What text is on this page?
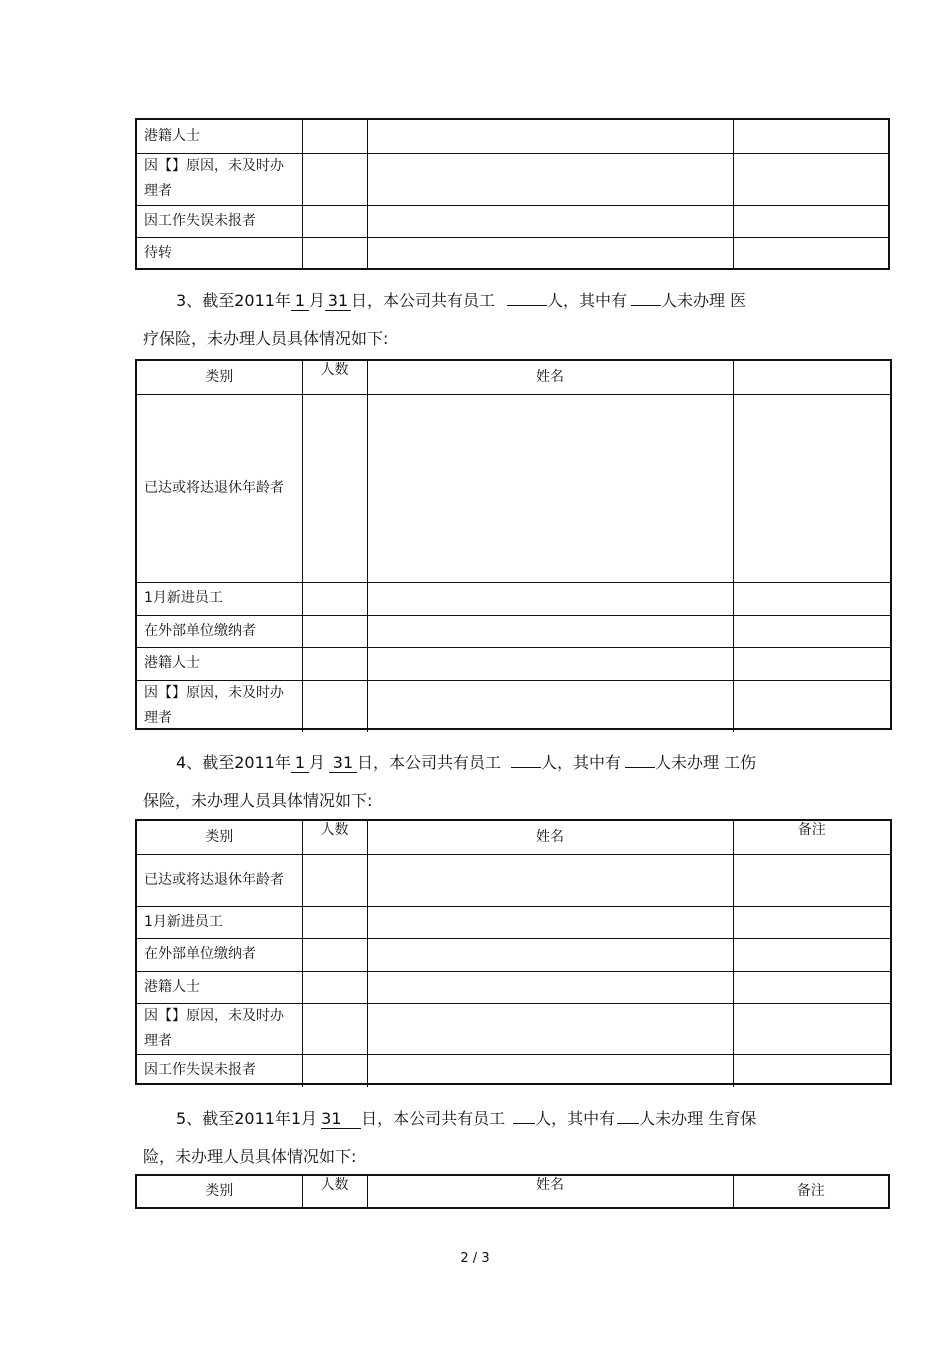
港籍人士			
因【】原因，未及时办理者			
因工作失误未报者			
待转			
3、截至2011年 1 月 31 日，本公司共有员工	人，其中有 人未办理 医
疗保险，未办理人员具体情况如下:
类别	人数	姓名	
已达或将达退休年龄者			
1月新进员工			
在外部单位缴纳者			
港籍人士			
因【】原因，未及时办理者			
4、截至2011年 1 月 31 日，本公司共有员工	人，其中有 人未办理 工伤
保险，未办理人员具体情况如下:
类别	人数	姓名	备注
已达或将达退休年龄者			
1月新进员工			
在外部单位缴纳者			
港籍人士			
因【】原因，未及时办理者			
因工作失误未报者			
5、截至2011年1月 31 日，本公司共有员工 人，其中有 人未办理 生育保
险，未办理人员具体情况如下:
类别	人数	姓名	备注
2 / 3
